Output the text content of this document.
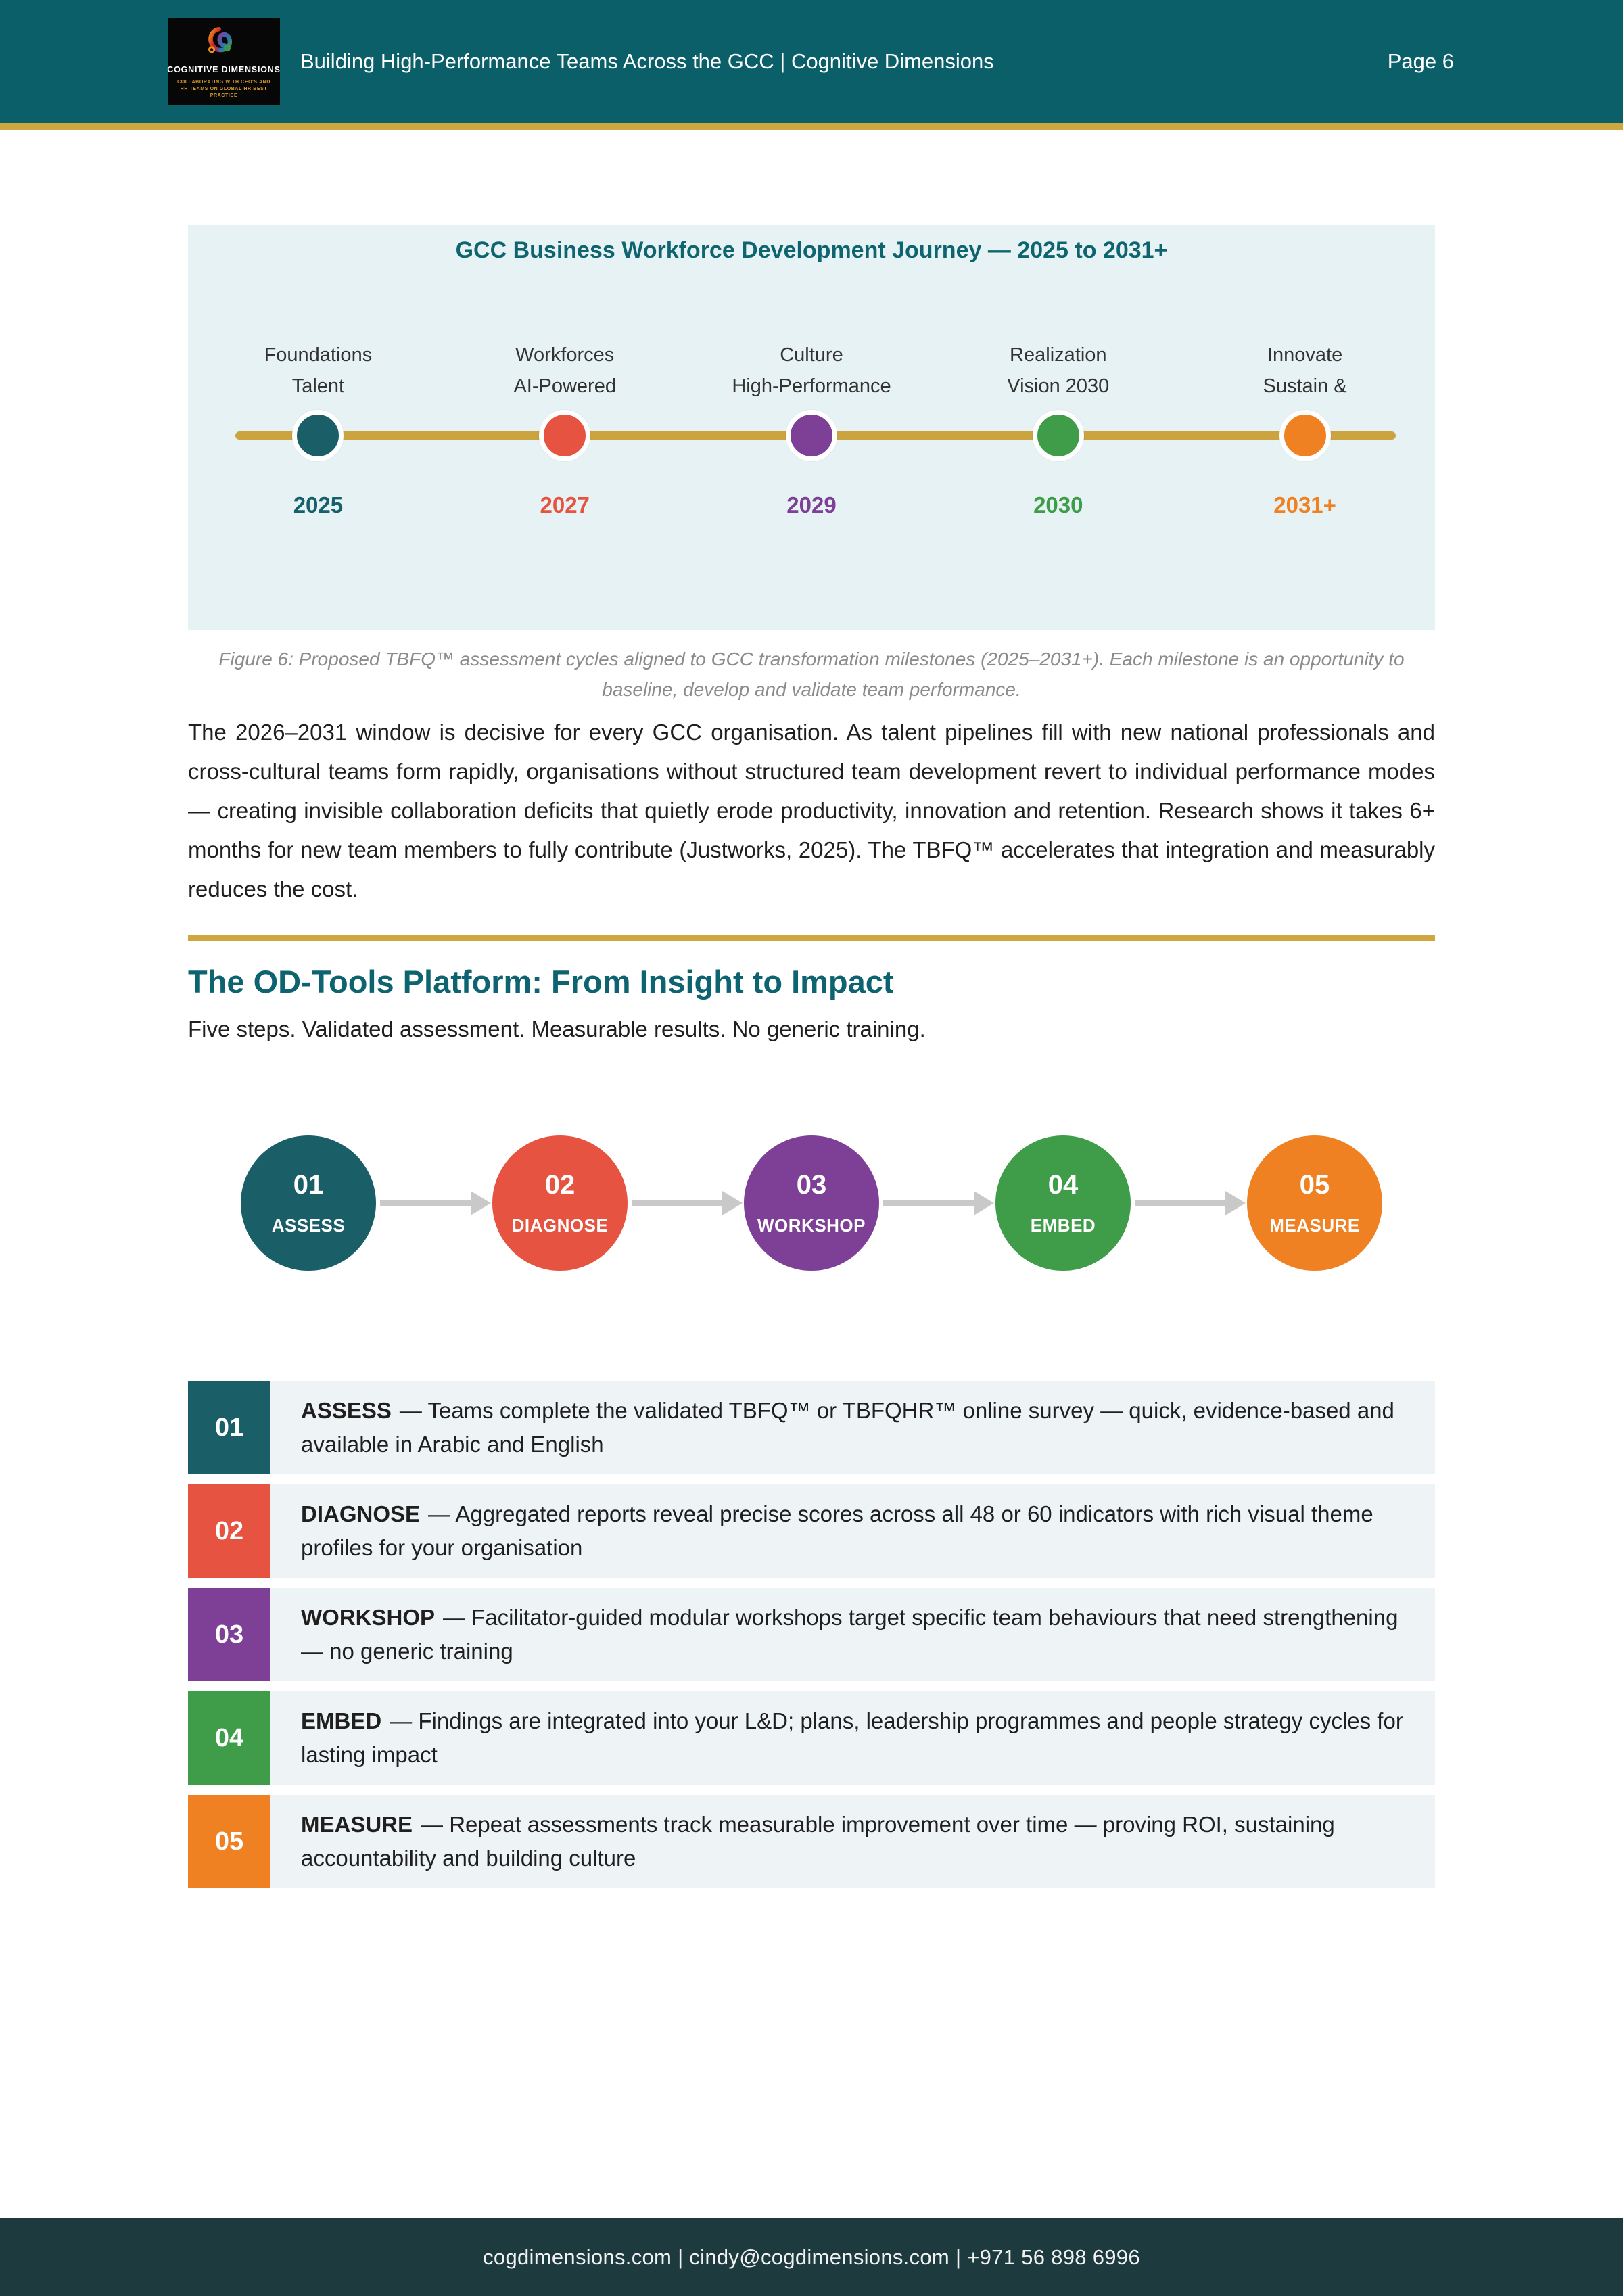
COGNITIVE DIMENSIONS
COLLABORATING WITH CEO'S AND HR TEAMS ON GLOBAL HR BEST PRACTICE
Building High-Performance Teams Across the GCC | Cognitive Dimensions	Page 6
GCC Business Workforce Development Journey — 2025 to 2031+
Foundations
Talent
2025
Workforces
AI-Powered
2027
Culture
High-Performance
2029
Realization
Vision 2030
2030
Innovate
Sustain &
2031+
Figure 6: Proposed TBFQ™ assessment cycles aligned to GCC transformation milestones (2025–2031+). Each milestone is an opportunity to baseline, develop and validate team performance.
The 2026–2031 window is decisive for every GCC organisation. As talent pipelines fill with new national professionals and cross-cultural teams form rapidly, organisations without structured team development revert to individual performance modes — creating invisible collaboration deficits that quietly erode productivity, innovation and retention. Research shows it takes 6+ months for new team members to fully contribute (Justworks, 2025). The TBFQ™ accelerates that integration and measurably reduces the cost.
The OD-Tools Platform: From Insight to Impact
Five steps. Validated assessment. Measurable results. No generic training.
01
ASSESS
02
DIAGNOSE
03
WORKSHOP
04
EMBED
05
MEASURE
01
ASSESS — Teams complete the validated TBFQ™ or TBFQHR™ online survey — quick, evidence-based and available in Arabic and English
02
DIAGNOSE — Aggregated reports reveal precise scores across all 48 or 60 indicators with rich visual theme profiles for your organisation
03
WORKSHOP — Facilitator-guided modular workshops target specific team behaviours that need strengthening — no generic training
04
EMBED — Findings are integrated into your L&D; plans, leadership programmes and people strategy cycles for lasting impact
05
MEASURE — Repeat assessments track measurable improvement over time — proving ROI, sustaining accountability and building culture
cogdimensions.com | cindy@cogdimensions.com | +971 56 898 6996
